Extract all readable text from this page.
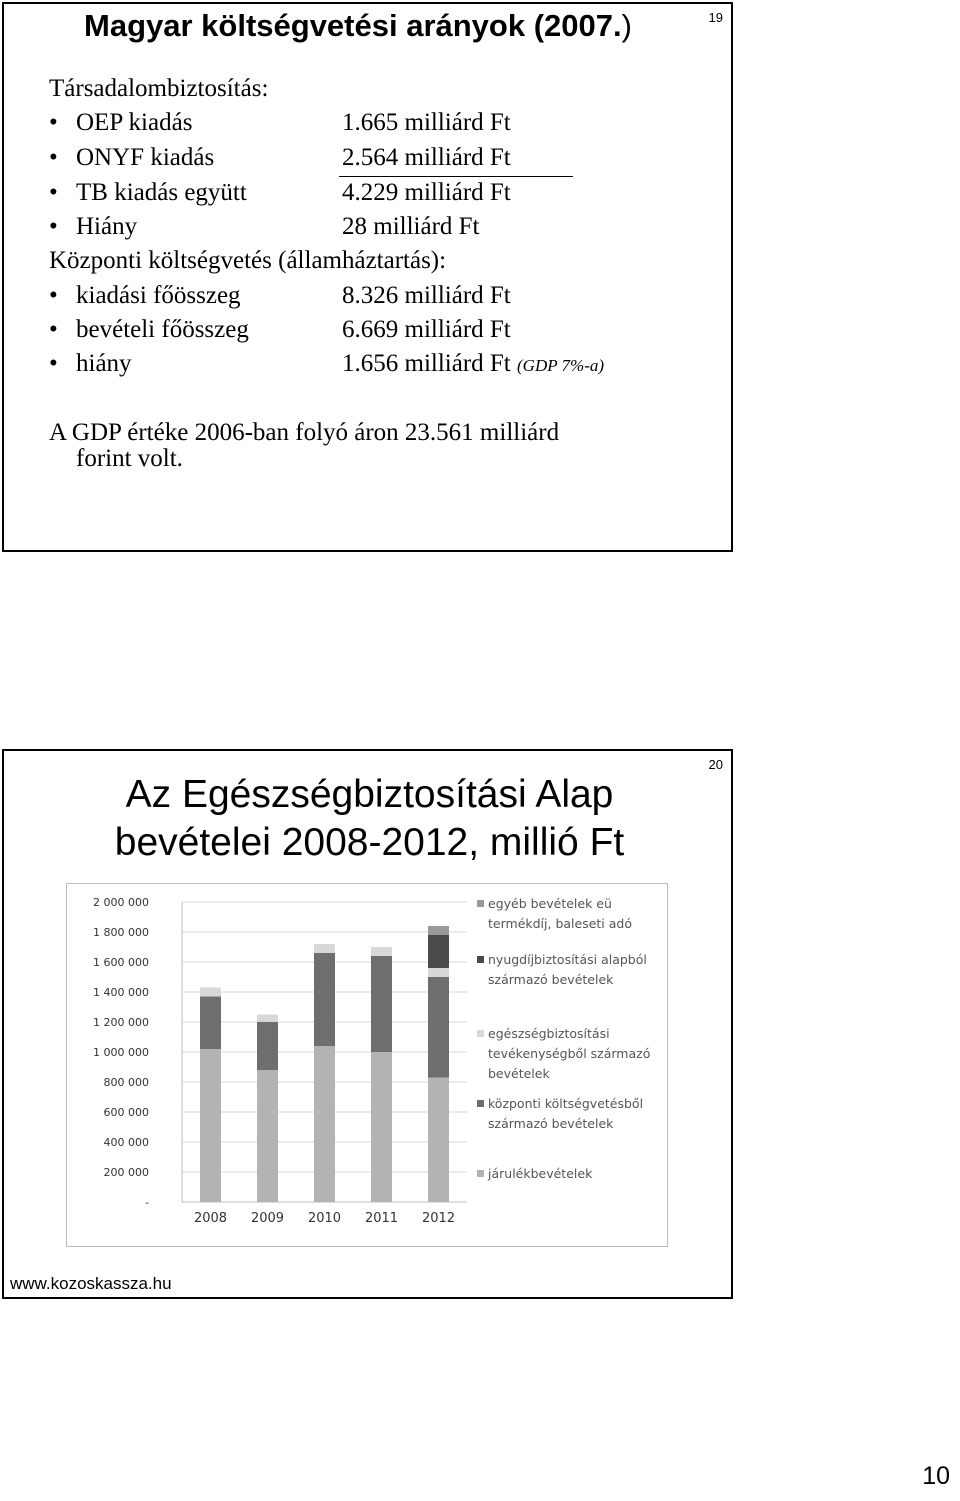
19
Magyar költségvetési arányok (2007.)
Társadalombiztosítás:
• OEP kiadás	1.665 milliárd Ft
• ONYF kiadás	2.564 milliárd Ft
• TB kiadás együtt	4.229 milliárd Ft
• Hiány	28 milliárd Ft
Központi költségvetés (államháztartás):
• kiadási főösszeg	8.326 milliárd Ft
• bevételi főösszeg	6.669 milliárd Ft
• hiány	1.656 milliárd Ft (GDP 7%-a)
A GDP értéke 2006-ban folyó áron 23.561 milliárd
forint volt.
20
Az Egészségbiztosítási Alap
bevételei 2008-2012, millió Ft
-
200 000
400 000
600 000
800 000
1 000 000
1 200 000
1 400 000
1 600 000
1 800 000
2 000 000
2008 2009 2010 2011 2012
egyéb bevételek eü
termékdíj, baleseti adó
nyugdíjbiztosítási alapból
származó bevételek
egészségbiztosítási
tevékenységből származó
bevételek
központi költségvetésből
származó bevételek
járulékbevételek
www.kozoskassza.hu
10
